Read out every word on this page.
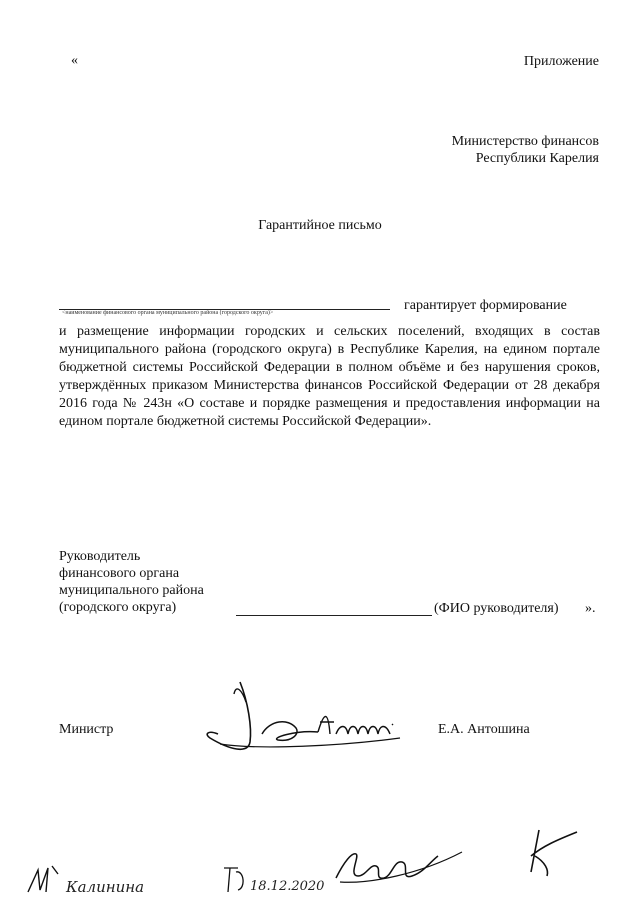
«	Приложение
Министерство финансов
Республики Карелия
Гарантийное письмо
<наименование финансового органа муниципального района (городского округа)>	гарантирует формирование
и размещение информации городских и сельских поселений, входящих в состав муниципального района (городского округа) в Республике Карелия, на едином портале бюджетной системы Российской Федерации в полном объёме и без нарушения сроков, утверждённых приказом Министерства финансов Российской Федерации от 28 декабря 2016 года № 243н «О составе и порядке размещения и предоставления информации на едином портале бюджетной системы Российской Федерации».
Руководитель
финансового органа
муниципального района
(городского округа)	(ФИО руководителя) ».
Министр	Е.А. Антошина
Калинина	18.12.2020
